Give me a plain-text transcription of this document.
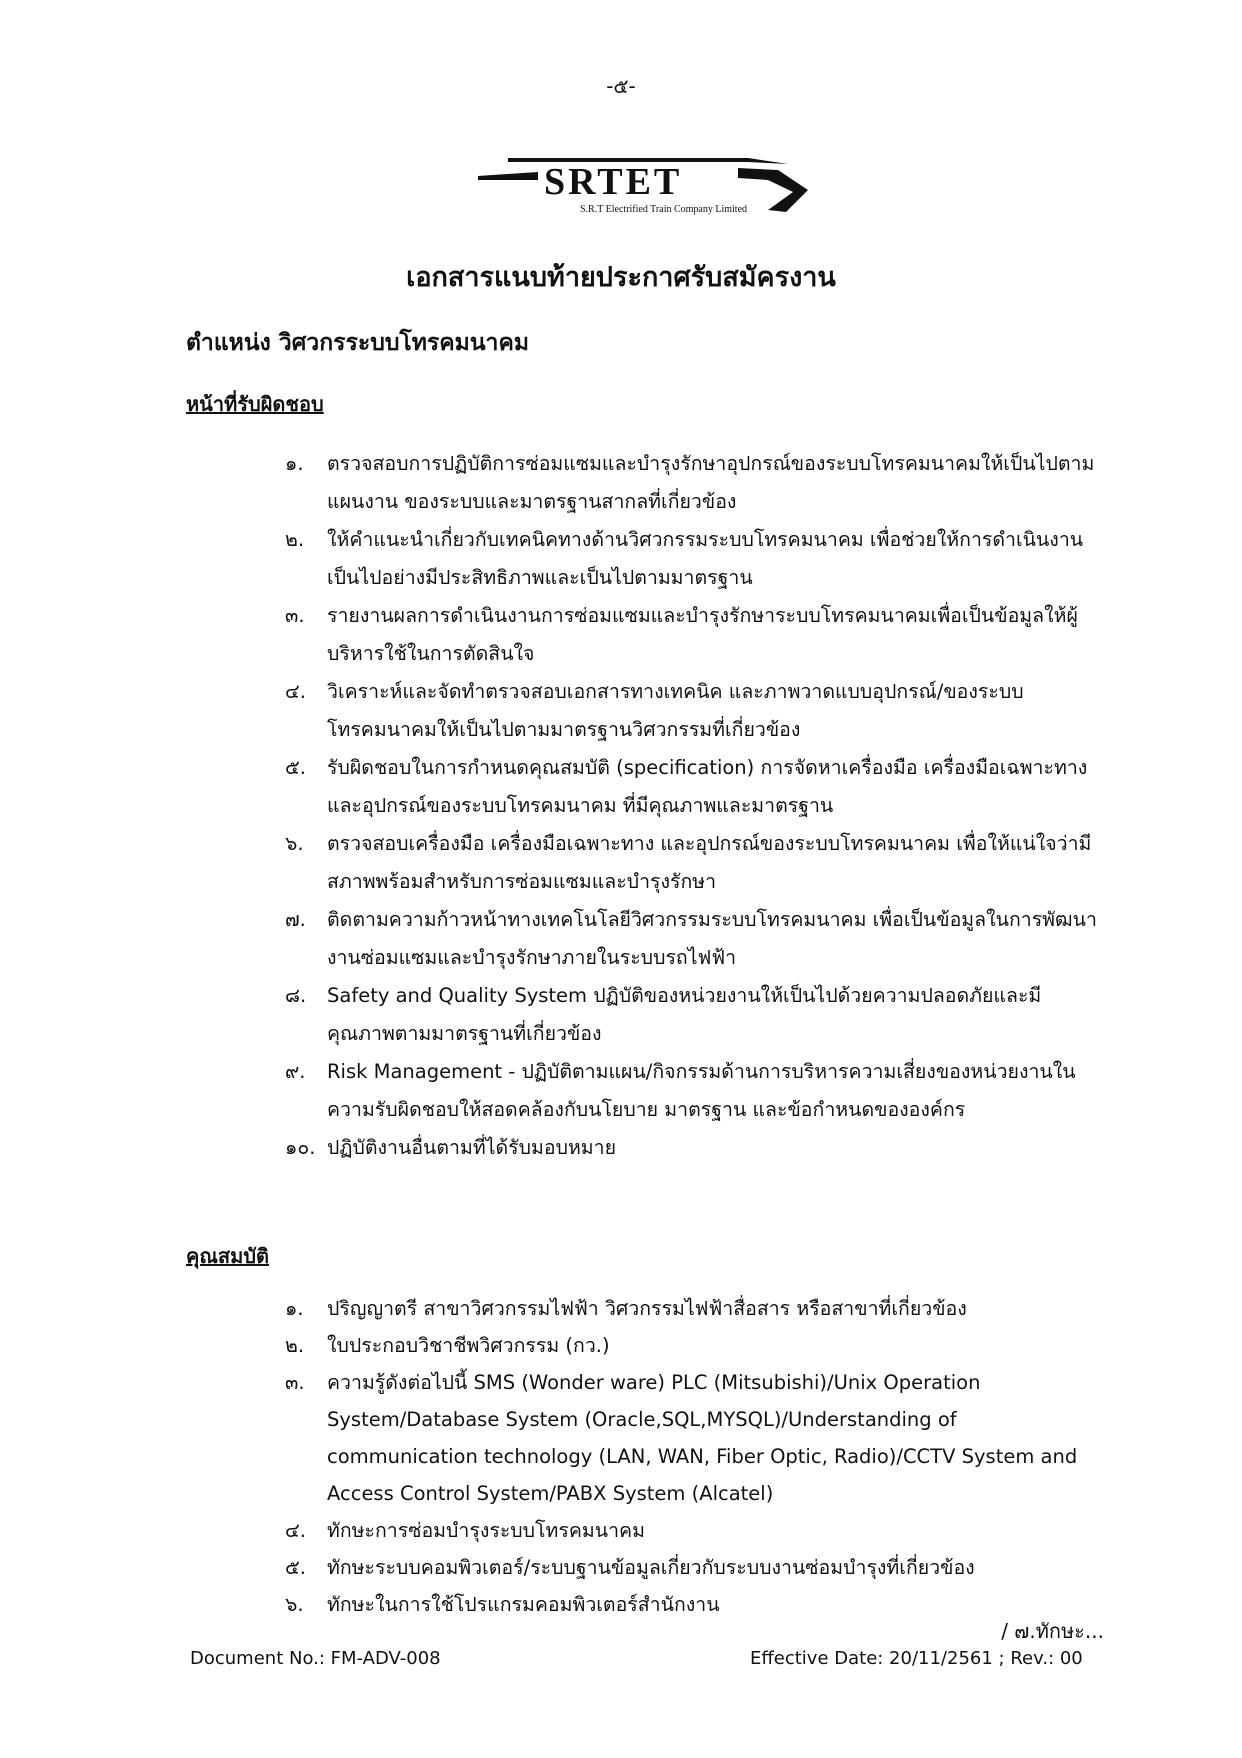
-๕-
SRTET
S.R.T Electrified Train Company Limited
เอกสารแนบท้ายประกาศรับสมัครงาน
ตำแหน่ง วิศวกรระบบโทรคมนาคม
หน้าที่รับผิดชอบ
๑. ตรวจสอบการปฏิบัติการซ่อมแซมและบำรุงรักษาอุปกรณ์ของระบบโทรคมนาคมให้เป็นไปตามแผนงาน ของระบบและมาตรฐานสากลที่เกี่ยวข้อง
๒. ให้คำแนะนำเกี่ยวกับเทคนิคทางด้านวิศวกรรมระบบโทรคมนาคม เพื่อช่วยให้การดำเนินงานเป็นไปอย่างมีประสิทธิภาพและเป็นไปตามมาตรฐาน
๓. รายงานผลการดำเนินงานการซ่อมแซมและบำรุงรักษาระบบโทรคมนาคมเพื่อเป็นข้อมูลให้ผู้บริหารใช้ในการตัดสินใจ
๔. วิเคราะห์และจัดทำตรวจสอบเอกสารทางเทคนิค และภาพวาดแบบอุปกรณ์/ของระบบโทรคมนาคมให้เป็นไปตามมาตรฐานวิศวกรรมที่เกี่ยวข้อง
๕. รับผิดชอบในการกำหนดคุณสมบัติ (specification) การจัดหาเครื่องมือ เครื่องมือเฉพาะทางและอุปกรณ์ของระบบโทรคมนาคม ที่มีคุณภาพและมาตรฐาน
๖. ตรวจสอบเครื่องมือ เครื่องมือเฉพาะทาง และอุปกรณ์ของระบบโทรคมนาคม เพื่อให้แน่ใจว่ามีสภาพพร้อมสำหรับการซ่อมแซมและบำรุงรักษา
๗. ติดตามความก้าวหน้าทางเทคโนโลยีวิศวกรรมระบบโทรคมนาคม เพื่อเป็นข้อมูลในการพัฒนางานซ่อมแซมและบำรุงรักษาภายในระบบรถไฟฟ้า
๘. Safety and Quality System ปฏิบัติของหน่วยงานให้เป็นไปด้วยความปลอดภัยและมีคุณภาพตามมาตรฐานที่เกี่ยวข้อง
๙. Risk Management - ปฏิบัติตามแผน/กิจกรรมด้านการบริหารความเสี่ยงของหน่วยงานในความรับผิดชอบให้สอดคล้องกับนโยบาย มาตรฐาน และข้อกำหนดขององค์กร
๑๐. ปฏิบัติงานอื่นตามที่ได้รับมอบหมาย
คุณสมบัติ
๑. ปริญญาตรี สาขาวิศวกรรมไฟฟ้า วิศวกรรมไฟฟ้าสื่อสาร หรือสาขาที่เกี่ยวข้อง
๒. ใบประกอบวิชาชีพวิศวกรรม (กว.)
๓. ความรู้ดังต่อไปนี้ SMS (Wonder ware) PLC (Mitsubishi)/Unix Operation System/Database System (Oracle,SQL,MYSQL)/Understanding of communication technology (LAN, WAN, Fiber Optic, Radio)/CCTV System and Access Control System/PABX System (Alcatel)
๔. ทักษะการซ่อมบำรุงระบบโทรคมนาคม
๕. ทักษะระบบคอมพิวเตอร์/ระบบฐานข้อมูลเกี่ยวกับระบบงานซ่อมบำรุงที่เกี่ยวข้อง
๖. ทักษะในการใช้โปรแกรมคอมพิวเตอร์สำนักงาน
/ ๗.ทักษะ...
Document No.: FM-ADV-008	Effective Date: 20/11/2561 ; Rev.: 00
